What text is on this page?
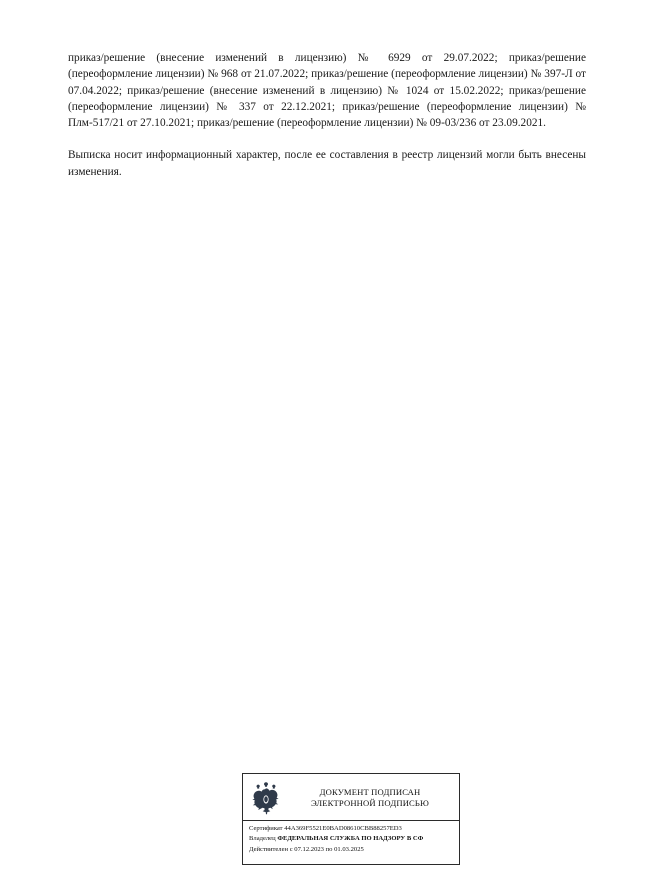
приказ/решение (внесение изменений в лицензию) № 6929 от 29.07.2022; приказ/решение (переоформление лицензии) № 968 от 21.07.2022; приказ/решение (переоформление лицензии) № 397-Л от 07.04.2022; приказ/решение (внесение изменений в лицензию) № 1024 от 15.02.2022; приказ/решение (переоформление лицензии) № 337 от 22.12.2021; приказ/решение (переоформление лицензии) № Плм-517/21 от 27.10.2021; приказ/решение (переоформление лицензии) № 09-03/236 от 23.09.2021.

Выписка носит информационный характер, после ее составления в реестр лицензий могли быть внесены изменения.

ДОКУМЕНТ ПОДПИСАН
ЭЛЕКТРОННОЙ ПОДПИСЬЮ
Сертификат 44A369F5521E0BAD08610CBB88257ED3
Владелец ФЕДЕРАЛЬНАЯ СЛУЖБА ПО НАДЗОРУ В СФ
Действителен с 07.12.2023 по 01.03.2025
